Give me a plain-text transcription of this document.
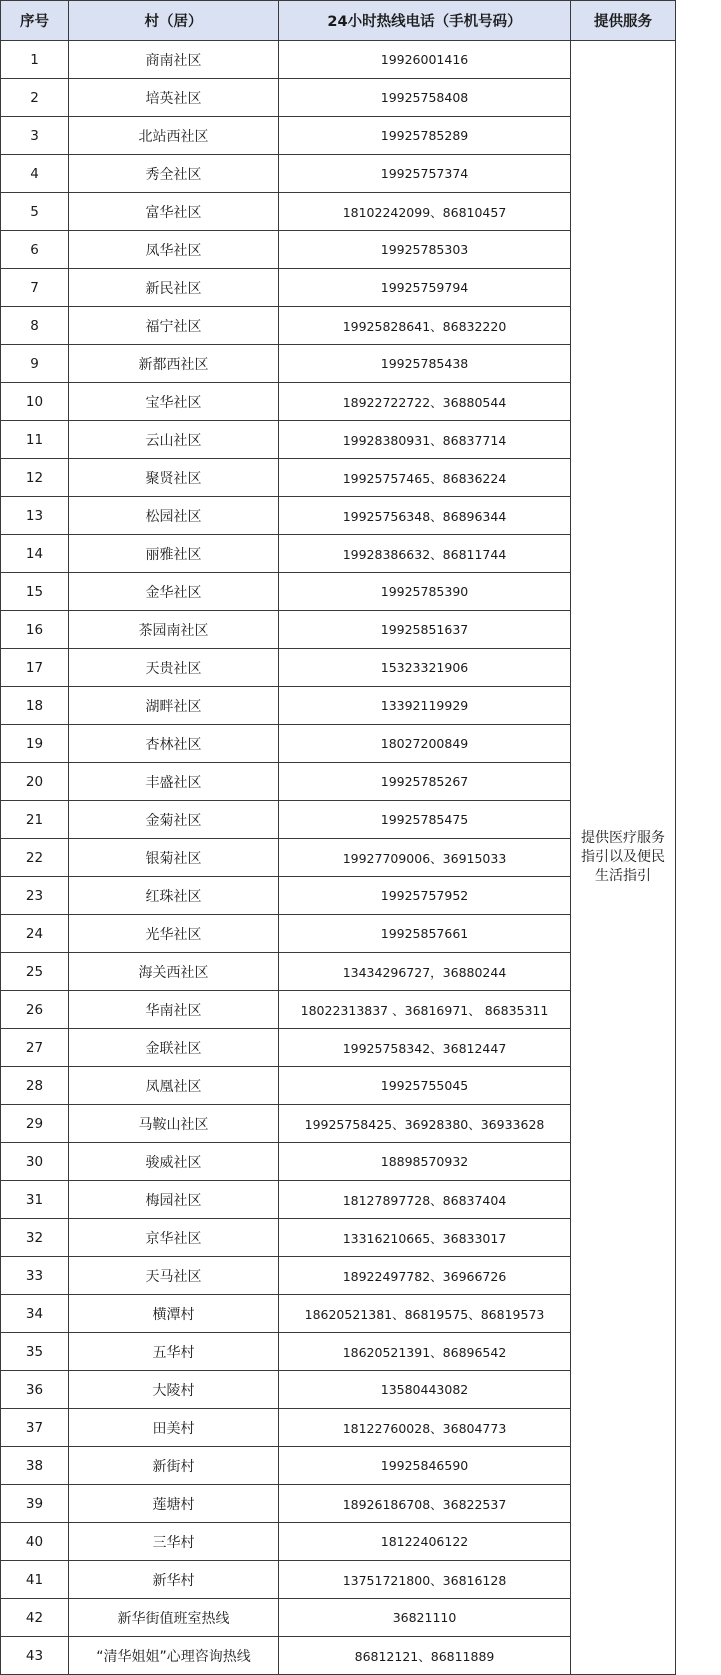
序号	村（居）	24小时热线电话（手机号码）	提供服务
1	商南社区	19926001416	提供医疗服务指引以及便民生活指引
2	培英社区	19925758408	
3	北站西社区	19925785289	
4	秀全社区	19925757374	
5	富华社区	18102242099、86810457	
6	凤华社区	19925785303	
7	新民社区	19925759794	
8	福宁社区	19925828641、86832220	
9	新都西社区	19925785438	
10	宝华社区	18922722722、36880544	
11	云山社区	19928380931、86837714	
12	聚贤社区	19925757465、86836224	
13	松园社区	19925756348、86896344	
14	丽雅社区	19928386632、86811744	
15	金华社区	19925785390	
16	茶园南社区	19925851637	
17	天贵社区	15323321906	
18	湖畔社区	13392119929	
19	杏林社区	18027200849	
20	丰盛社区	19925785267	
21	金菊社区	19925785475	
22	银菊社区	19927709006、36915033	
23	红珠社区	19925757952	
24	光华社区	19925857661	
25	海关西社区	13434296727，36880244	
26	华南社区	18022313837 、36816971、 86835311	
27	金联社区	19925758342、36812447	
28	凤凰社区	19925755045	
29	马鞍山社区	19925758425、36928380、36933628	
30	骏威社区	18898570932	
31	梅园社区	18127897728、86837404	
32	京华社区	13316210665、36833017	
33	天马社区	18922497782、36966726	
34	横潭村	18620521381、86819575、86819573	
35	五华村	18620521391、86896542	
36	大陵村	13580443082	
37	田美村	18122760028、36804773	
38	新街村	19925846590	
39	莲塘村	18926186708、36822537	
40	三华村	18122406122	
41	新华村	13751721800、36816128	
42	新华街值班室热线	36821110	
43	“清华姐姐”心理咨询热线	86812121、86811889	
